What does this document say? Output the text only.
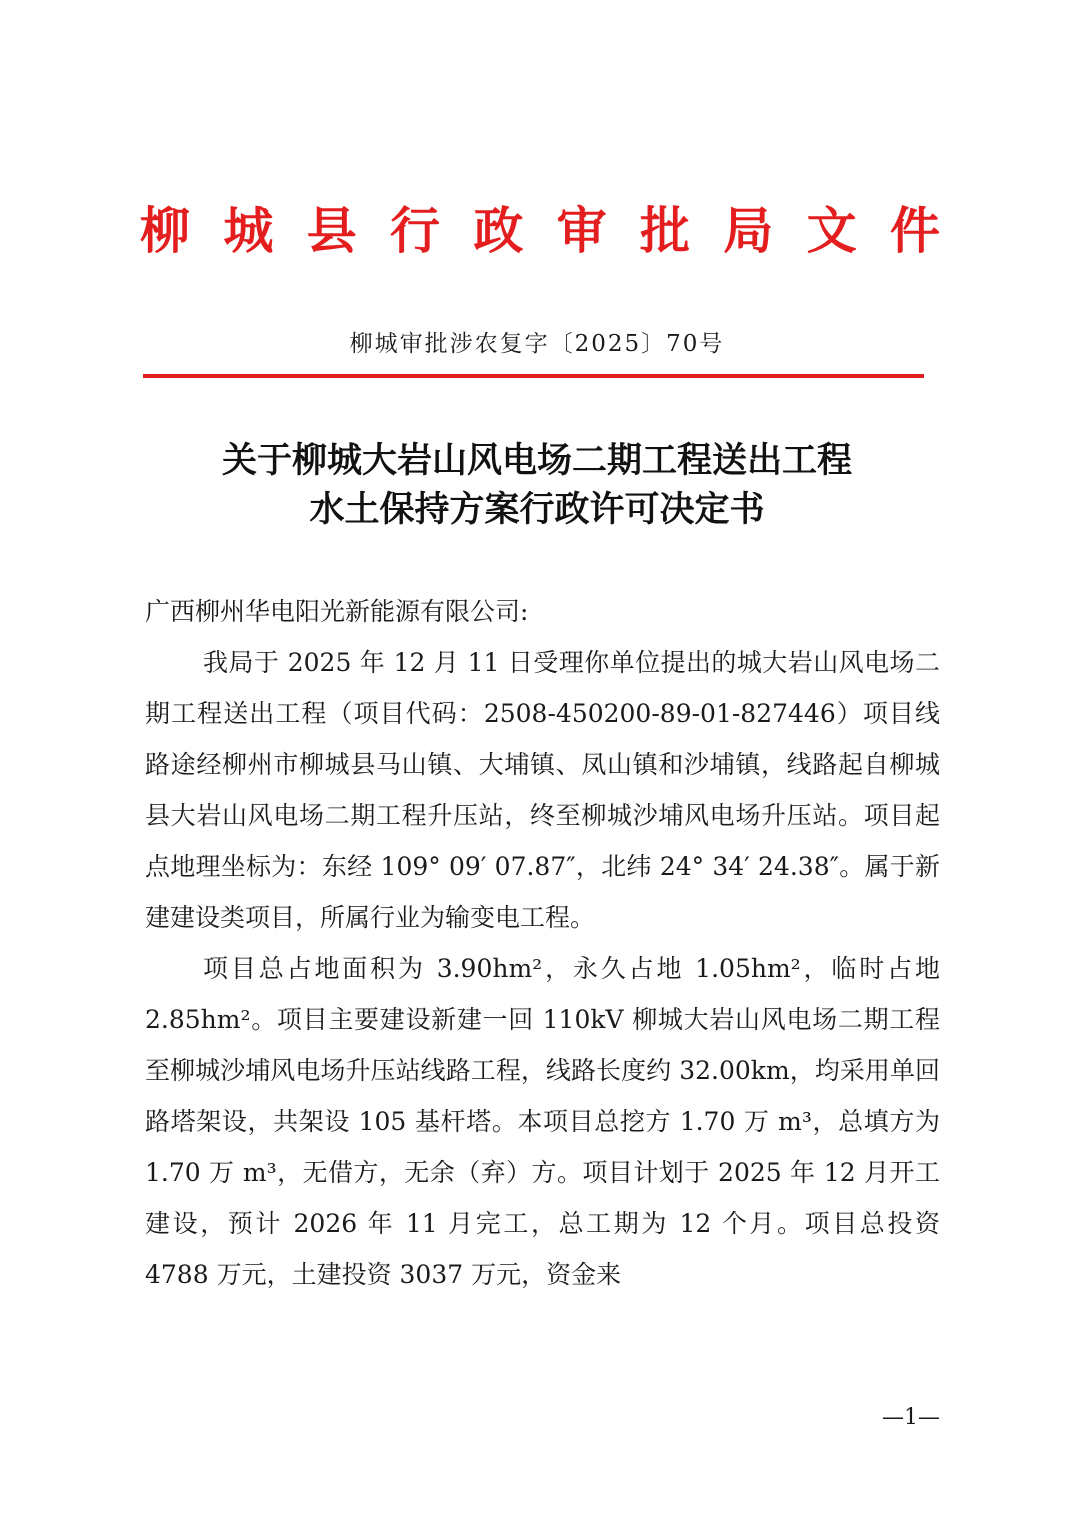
柳 城 县 行 政 审 批 局 文 件
柳城审批涉农复字〔2025〕70号
关于柳城大岩山风电场二期工程送出工程
水土保持方案行政许可决定书

广西柳州华电阳光新能源有限公司:

我局于 2025 年 12 月 11 日受理你单位提出的城大岩山风电场二期工程送出工程（项目代码：2508-450200-89-01-827446）项目线路途经柳州市柳城县马山镇、大埔镇、凤山镇和沙埔镇，线路起自柳城县大岩山风电场二期工程升压站，终至柳城沙埔风电场升压站。项目起点地理坐标为：东经 109° 09′ 07.87″，北纬 24° 34′ 24.38″。属于新建建设类项目，所属行业为输变电工程。

项目总占地面积为 3.90hm²，永久占地 1.05hm²，临时占地 2.85hm²。项目主要建设新建一回 110kV 柳城大岩山风电场二期工程至柳城沙埔风电场升压站线路工程，线路长度约 32.00km，均采用单回路塔架设，共架设 105 基杆塔。本项目总挖方 1.70 万 m³，总填方为 1.70 万 m³，无借方，无余（弃）方。项目计划于 2025 年 12 月开工建设，预计 2026 年 11 月完工，总工期为 12 个月。项目总投资 4788 万元，土建投资 3037 万元，资金来

—1—
